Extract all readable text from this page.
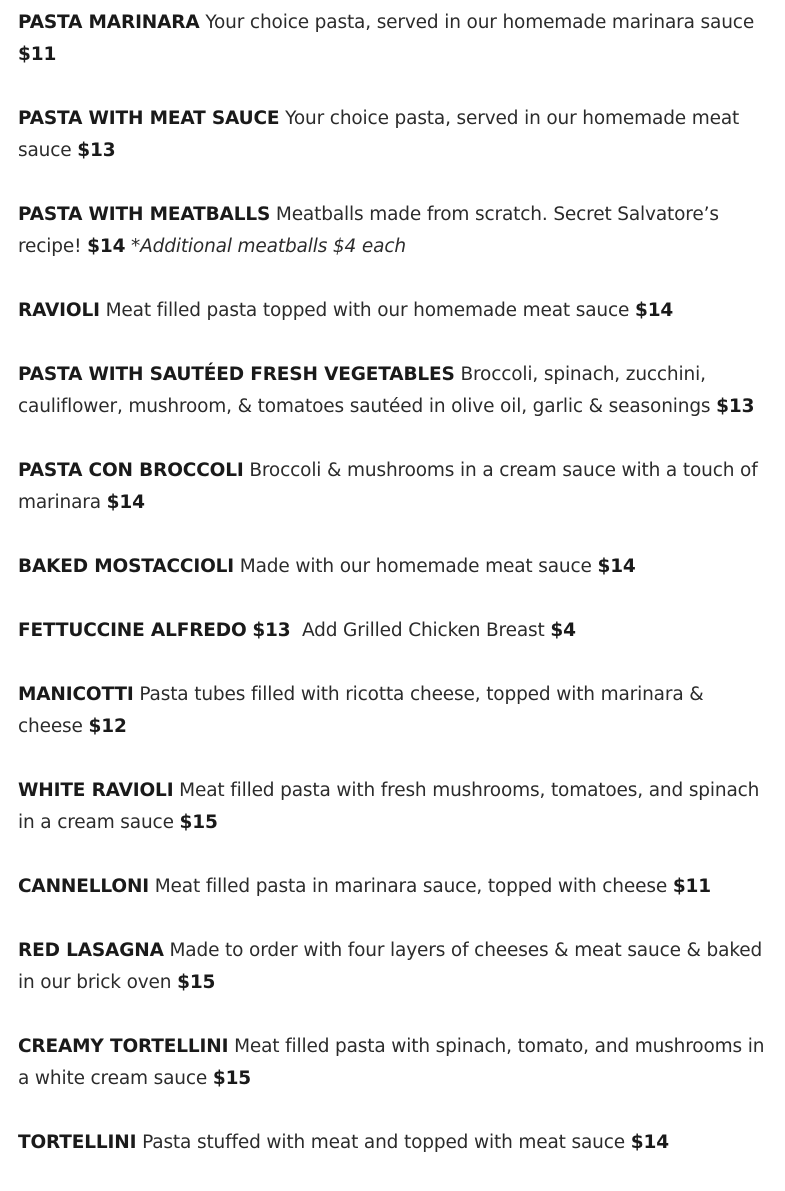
PASTA MARINARA Your choice pasta, served in our homemade marinara sauce $11

PASTA WITH MEAT SAUCE Your choice pasta, served in our homemade meat sauce $13

PASTA WITH MEATBALLS Meatballs made from scratch. Secret Salvatore’s recipe! $14 *Additional meatballs $4 each

RAVIOLI Meat filled pasta topped with our homemade meat sauce $14

PASTA WITH SAUTÉED FRESH VEGETABLES Broccoli, spinach, zucchini, cauliflower, mushroom, & tomatoes sautéed in olive oil, garlic & seasonings $13

PASTA CON BROCCOLI Broccoli & mushrooms in a cream sauce with a touch of marinara $14

BAKED MOSTACCIOLI Made with our homemade meat sauce $14

FETTUCCINE ALFREDO $13 Add Grilled Chicken Breast $4

MANICOTTI Pasta tubes filled with ricotta cheese, topped with marinara & cheese $12

WHITE RAVIOLI Meat filled pasta with fresh mushrooms, tomatoes, and spinach in a cream sauce $15

CANNELLONI Meat filled pasta in marinara sauce, topped with cheese $11

RED LASAGNA Made to order with four layers of cheeses & meat sauce & baked in our brick oven $15

CREAMY TORTELLINI Meat filled pasta with spinach, tomato, and mushrooms in a white cream sauce $15

TORTELLINI Pasta stuffed with meat and topped with meat sauce $14
